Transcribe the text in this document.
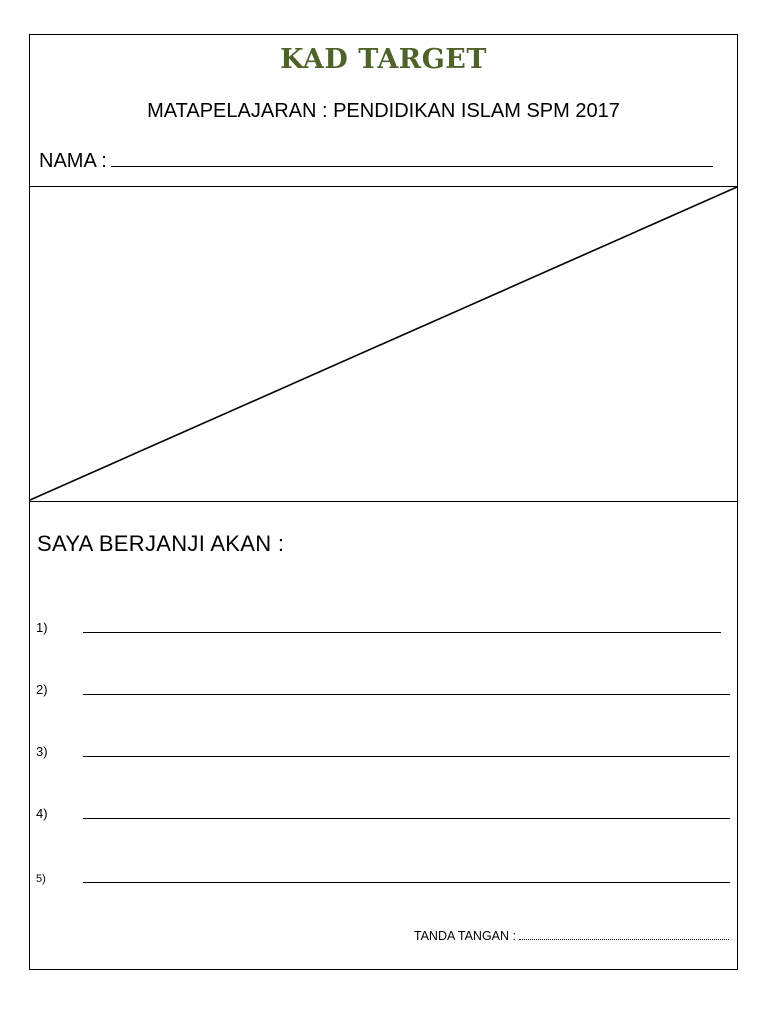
KAD TARGET
MATAPELAJARAN : PENDIDIKAN ISLAM SPM 2017
NAMA :
SAYA BERJANJI AKAN :
1)
2)
3)
4)
5)
TANDA TANGAN :
